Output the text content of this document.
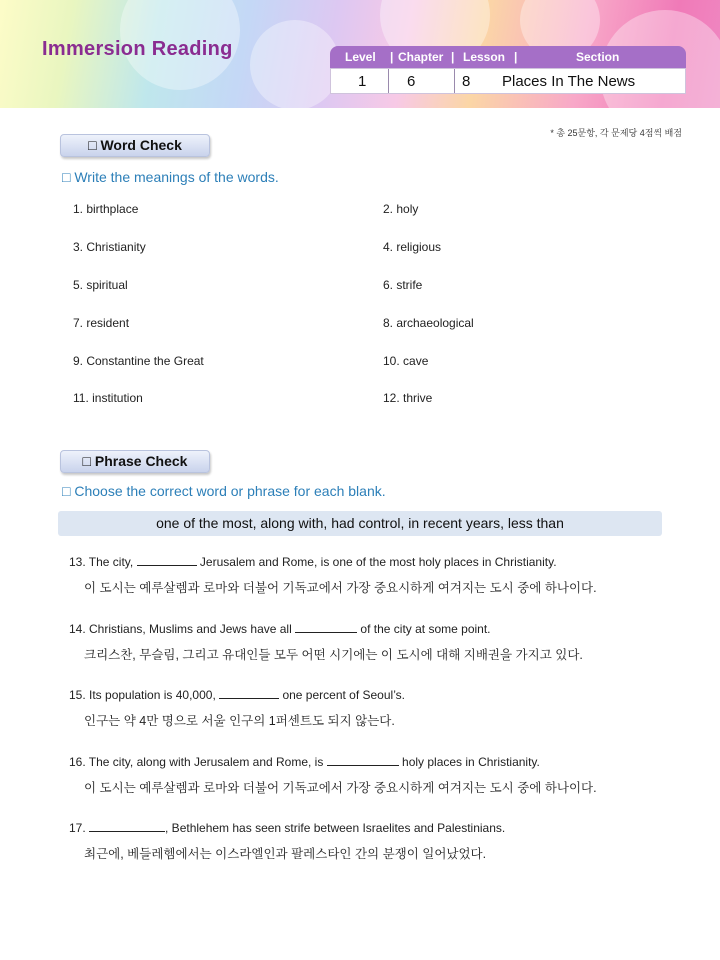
Immersion Reading	Level | Chapter | Lesson |	Section
1	6	8 Places In The News
* 총 25문항, 각 문제당 4점씩 배점
□ Word Check
□ Write the meanings of the words.
1. birthplace	2. holy
3. Christianity	4. religious
5. spiritual	6. strife
7. resident	8. archaeological
9. Constantine the Great	10. cave
11. institution	12. thrive
□ Phrase Check
□ Choose the correct word or phrase for each blank.
one of the most, along with, had control, in recent years, less than
13. The city,	Jerusalem and Rome, is one of the most holy places in Christianity.
이 도시는 예루살렘과 로마와 더불어 기독교에서 가장 중요시하게 여겨지는 도시 중에 하나이다.
14. Christians, Muslims and Jews have all	of the city at some point.
크리스찬, 무슬림, 그리고 유대인들 모두 어떤 시기에는 이 도시에 대해 지배권을 가지고 있다.
15. Its population is 40,000,	one percent of Seoul’s.
인구는 약 4만 명으로 서울 인구의 1퍼센트도 되지 않는다.
16. The city, along with Jerusalem and Rome, is	holy places in Christianity.
이 도시는 예루살렘과 로마와 더불어 기독교에서 가장 중요시하게 여겨지는 도시 중에 하나이다.
17.	, Bethlehem has seen strife between Israelites and Palestinians.
최근에, 베들레헴에서는 이스라엘인과 팔레스타인 간의 분쟁이 일어났었다.
